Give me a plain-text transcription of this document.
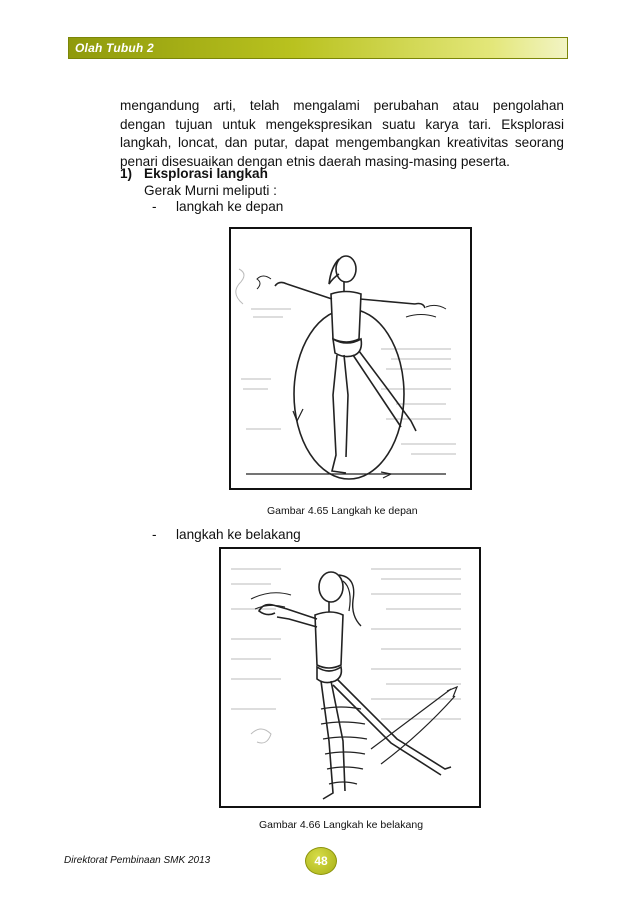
Olah Tubuh 2

mengandung arti, telah mengalami perubahan atau pengolahan
dengan tujuan untuk mengekspresikan suatu karya tari. Eksplorasi
langkah, loncat, dan putar, dapat mengembangkan kreativitas seorang
penari disesuaikan dengan etnis daerah masing-masing peserta.

1) Eksplorasi langkah
Gerak Murni meliputi :
- langkah ke depan
Gambar 4.65 Langkah ke depan
- langkah ke belakang
Gambar 4.66 Langkah ke belakang
Direktorat Pembinaan SMK 2013	48
